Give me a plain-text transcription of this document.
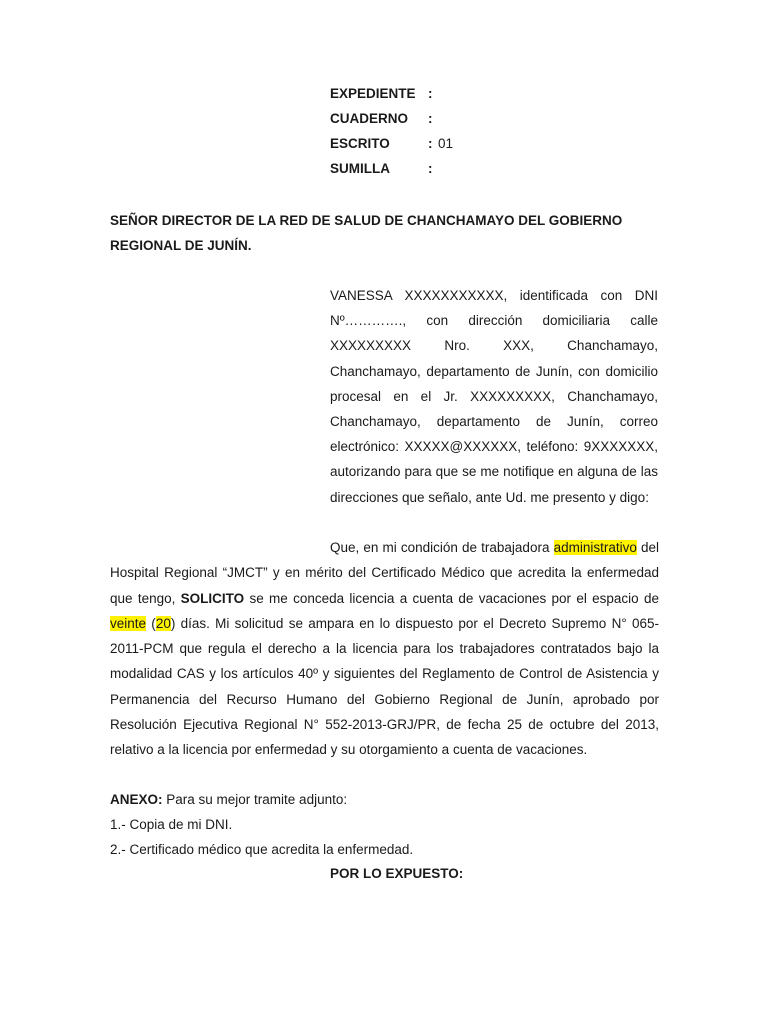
EXPEDIENTE :
CUADERNO	:
ESCRITO	: 01
SUMILLA	:
SEÑOR DIRECTOR DE LA RED DE SALUD DE CHANCHAMAYO DEL GOBIERNO REGIONAL DE JUNÍN.
VANESSA XXXXXXXXXXX, identificada con DNI Nº…………., con dirección domiciliaria calle XXXXXXXXX Nro. XXX, Chanchamayo, Chanchamayo, departamento de Junín, con domicilio procesal en el Jr. XXXXXXXXX, Chanchamayo, Chanchamayo, departamento de Junín, correo electrónico: XXXXX@XXXXXX, teléfono: 9XXXXXXX, autorizando para que se me notifique en alguna de las direcciones que señalo, ante Ud. me presento y digo:
Que, en mi condición de trabajadora administrativo del Hospital Regional “JMCT” y en mérito del Certificado Médico que acredita la enfermedad que tengo, SOLICITO se me conceda licencia a cuenta de vacaciones por el espacio de veinte (20) días. Mi solicitud se ampara en lo dispuesto por el Decreto Supremo N° 065-2011-PCM que regula el derecho a la licencia para los trabajadores contratados bajo la modalidad CAS y los artículos 40º y siguientes del Reglamento de Control de Asistencia y Permanencia del Recurso Humano del Gobierno Regional de Junín, aprobado por Resolución Ejecutiva Regional N° 552-2013-GRJ/PR, de fecha 25 de octubre del 2013, relativo a la licencia por enfermedad y su otorgamiento a cuenta de vacaciones.
ANEXO: Para su mejor tramite adjunto:
1.- Copia de mi DNI.
2.- Certificado médico que acredita la enfermedad.
POR LO EXPUESTO:
